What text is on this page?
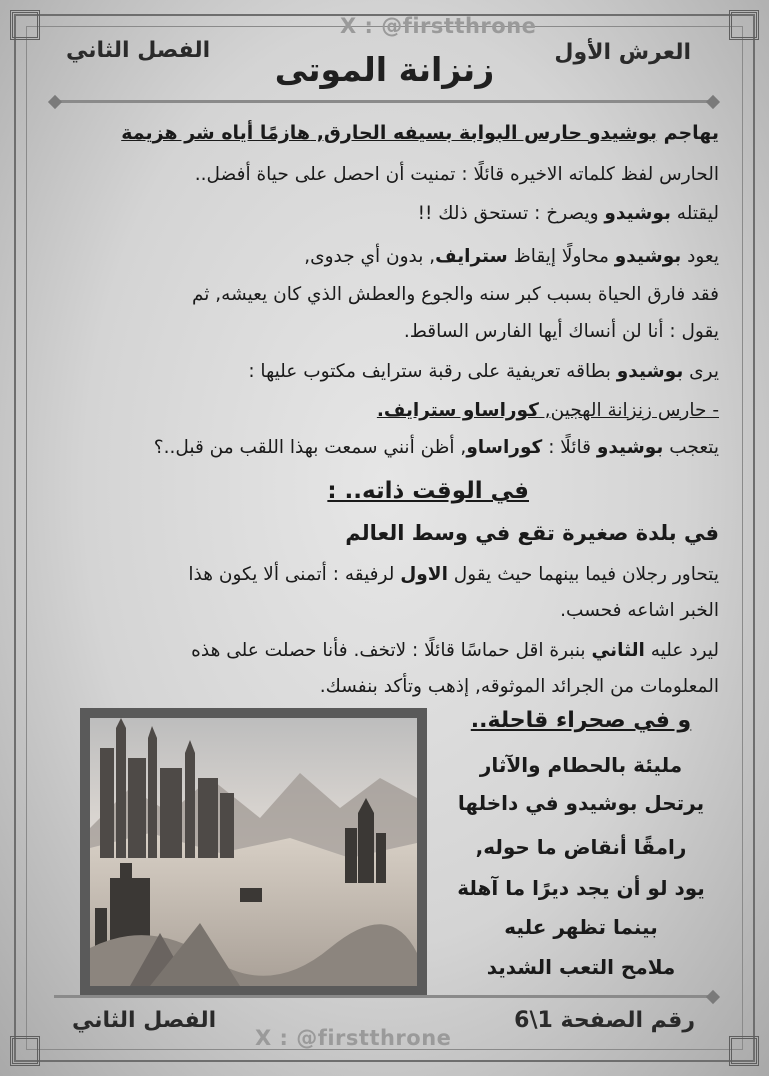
X : @firstthrone
الفصل الثاني	العرش الأول
زنزانة الموتى
يهاجم بوشيدو حارس البوابة بسيفه الحارق, هازمًا أياه شر هزيمة
الحارس لفظ كلماته الاخيره قائلًا : تمنيت أن احصل على حياة أفضل..
ليقتله بوشيدو ويصرخ : تستحق ذلك !!
يعود بوشيدو محاولًا إيقاظ سترايف, بدون أي جدوى,
فقد فارق الحياة بسبب كبر سنه والجوع والعطش الذي كان يعيشه, ثم
يقول : أنا لن أنساك أيها الفارس الساقط.
يرى بوشيدو بطاقه تعريفية على رقبة سترايف مكتوب عليها :
- حارس زنزانة الهجين, كوراساو سترايف.
يتعجب بوشيدو قائلًا : كوراساو, أظن أنني سمعت بهذا اللقب من قبل..؟
في الوقت ذاته.. :
في بلدة صغيرة تقع في وسط العالم
يتحاور رجلان فيما بينهما حيث يقول الاول لرفيقه : أتمنى ألا يكون هذا
الخبر اشاعه فحسب.
ليرد عليه الثاني بنبرة اقل حماسًا قائلًا : لاتخف. فأنا حصلت على هذه
المعلومات من الجرائد الموثوقه, إذهب وتأكد بنفسك.
و في صحراء قاحلة..
مليئة بالحطام والآثار
يرتحل بوشيدو في داخلها
رامقًا أنقاض ما حوله,
يود لو أن يجد ديرًا ما آهلة
بينما تظهر عليه
ملامح التعب الشديد
الفصل الثاني	رقم الصفحة 1\6
X : @firstthrone
